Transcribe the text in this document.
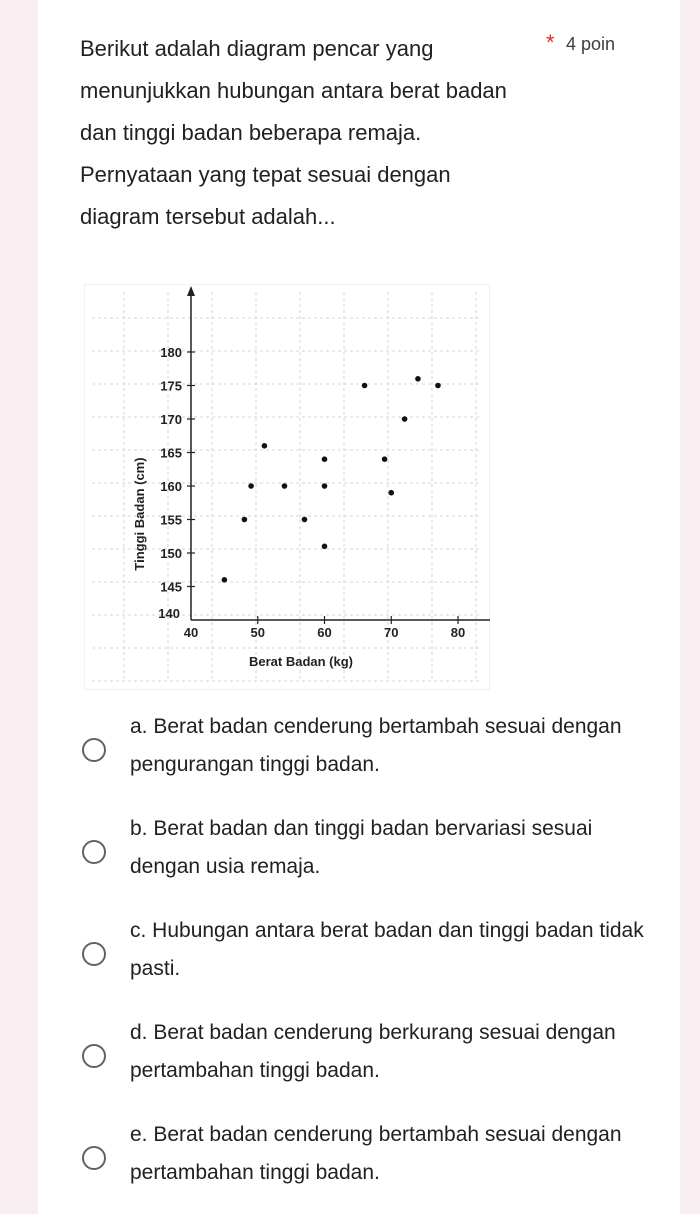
Berikut adalah diagram pencar yang menunjukkan hubungan antara berat badan dan tinggi badan beberapa remaja. Pernyataan yang tepat sesuai dengan diagram tersebut adalah...
* 4 poin
140
145
150
155
160
165
170
175
180
40	50	60	70	80
Berat Badan (kg)
Tinggi Badan (cm)
a. Berat badan cenderung bertambah sesuai dengan pengurangan tinggi badan.
b. Berat badan dan tinggi badan bervariasi sesuai dengan usia remaja.
c. Hubungan antara berat badan dan tinggi badan tidak pasti.
d. Berat badan cenderung berkurang sesuai dengan pertambahan tinggi badan.
e. Berat badan cenderung bertambah sesuai dengan pertambahan tinggi badan.
